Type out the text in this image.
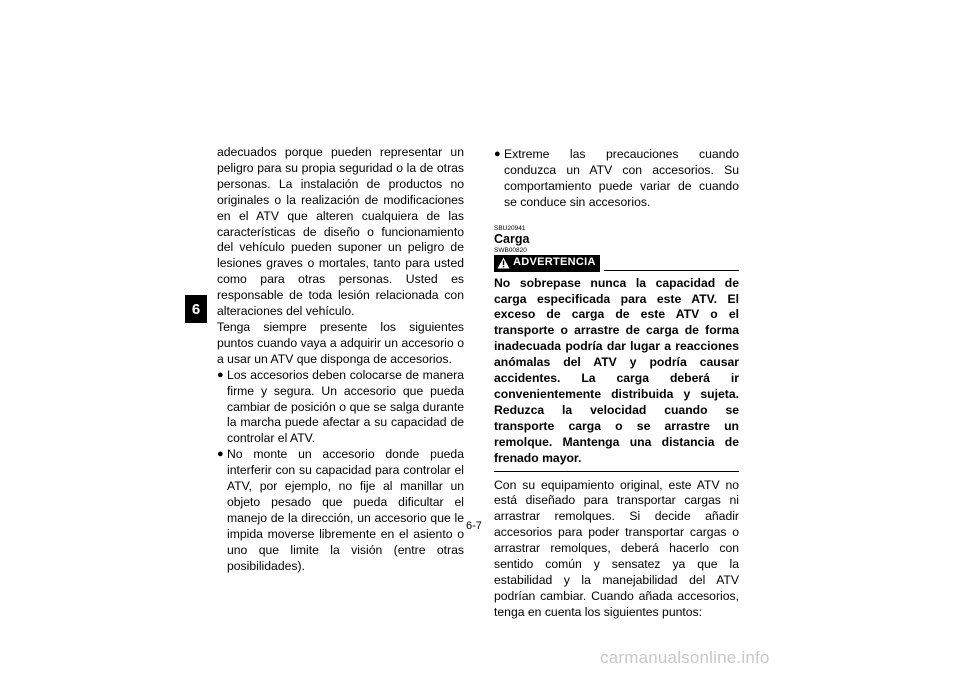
6

adecuados porque pueden representar un peligro para su propia seguridad o la de otras personas. La instalación de productos no originales o la realización de modificaciones en el ATV que alteren cualquiera de las características de diseño o funcionamiento del vehículo pueden suponer un peligro de lesiones graves o mortales, tanto para usted como para otras personas. Usted es responsable de toda lesión relacionada con alteraciones del vehículo.

Tenga siempre presente los siguientes puntos cuando vaya a adquirir un accesorio o a usar un ATV que disponga de accesorios.

● Los accesorios deben colocarse de manera firme y segura. Un accesorio que pueda cambiar de posición o que se salga durante la marcha puede afectar a su capacidad de controlar el ATV.
● No monte un accesorio donde pueda interferir con su capacidad para controlar el ATV, por ejemplo, no fije al manillar un objeto pesado que pueda dificultar el manejo de la dirección, un accesorio que le impida moverse libremente en el asiento o uno que limite la visión (entre otras posibilidades).
● Extreme las precauciones cuando conduzca un ATV con accesorios. Su comportamiento puede variar de cuando se conduce sin accesorios.

SBU20941

Carga

SWB00820

ADVERTENCIA

No sobrepase nunca la capacidad de carga especificada para este ATV. El exceso de carga de este ATV o el transporte o arrastre de carga de forma inadecuada podría dar lugar a reacciones anómalas del ATV y podría causar accidentes. La carga deberá ir convenientemente distribuida y sujeta. Reduzca la velocidad cuando se transporte carga o se arrastre un remolque. Mantenga una distancia de frenado mayor.

Con su equipamiento original, este ATV no está diseñado para transportar cargas ni arrastrar remolques. Si decide añadir accesorios para poder transportar cargas o arrastrar remolques, deberá hacerlo con sentido común y sensatez ya que la estabilidad y la manejabilidad del ATV podrían cambiar. Cuando añada accesorios, tenga en cuenta los siguientes puntos:

6-7
carmanualsonline.info
